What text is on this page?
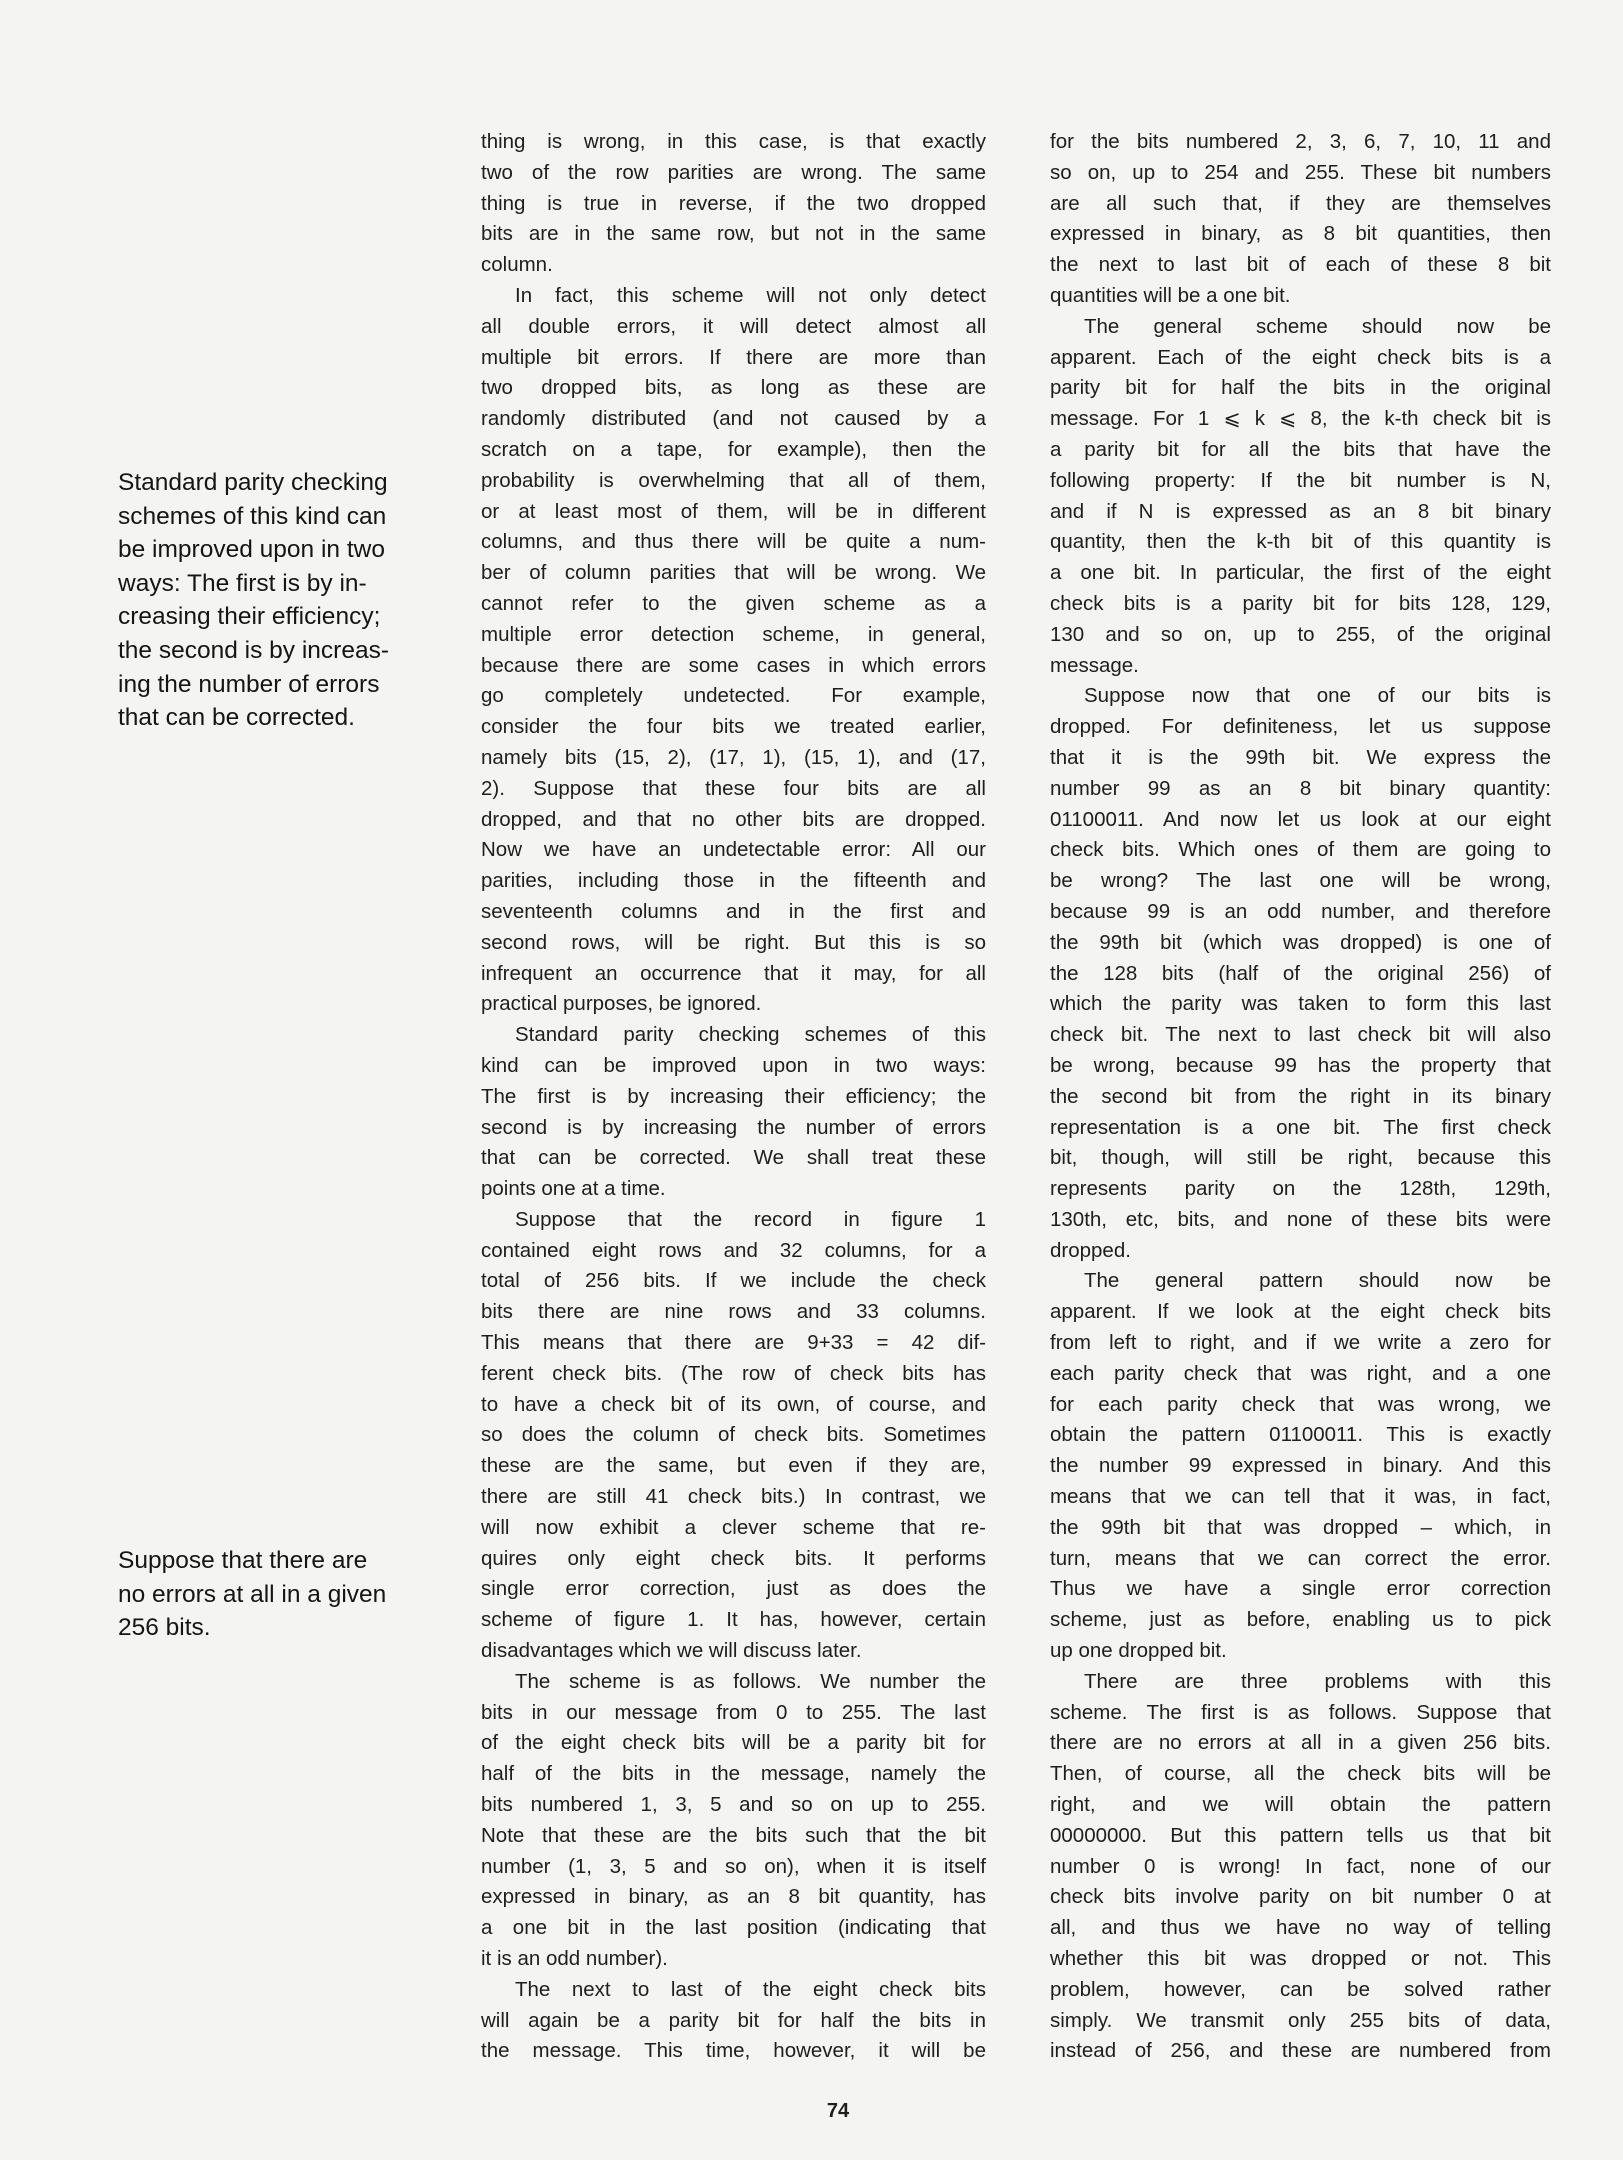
Standard parity checking
schemes of this kind can
be improved upon in two
ways: The first is by in-
creasing their efficiency;
the second is by increas-
ing the number of errors
that can be corrected.
Suppose that there are
no errors at all in a given
256 bits.
thing is wrong, in this case, is that exactly
two of the row parities are wrong. The same
thing is true in reverse, if the two dropped
bits are in the same row, but not in the same
column.
In fact, this scheme will not only detect
all double errors, it will detect almost all
multiple bit errors. If there are more than
two dropped bits, as long as these are
randomly distributed (and not caused by a
scratch on a tape, for example), then the
probability is overwhelming that all of them,
or at least most of them, will be in different
columns, and thus there will be quite a num-
ber of column parities that will be wrong. We
cannot refer to the given scheme as a
multiple error detection scheme, in general,
because there are some cases in which errors
go completely undetected. For example,
consider the four bits we treated earlier,
namely bits (15, 2), (17, 1), (15, 1), and (17,
2). Suppose that these four bits are all
dropped, and that no other bits are dropped.
Now we have an undetectable error: All our
parities, including those in the fifteenth and
seventeenth columns and in the first and
second rows, will be right. But this is so
infrequent an occurrence that it may, for all
practical purposes, be ignored.
Standard parity checking schemes of this
kind can be improved upon in two ways:
The first is by increasing their efficiency; the
second is by increasing the number of errors
that can be corrected. We shall treat these
points one at a time.
Suppose that the record in figure 1
contained eight rows and 32 columns, for a
total of 256 bits. If we include the check
bits there are nine rows and 33 columns.
This means that there are 9+33 = 42 dif-
ferent check bits. (The row of check bits has
to have a check bit of its own, of course, and
so does the column of check bits. Sometimes
these are the same, but even if they are,
there are still 41 check bits.) In contrast, we
will now exhibit a clever scheme that re-
quires only eight check bits. It performs
single error correction, just as does the
scheme of figure 1. It has, however, certain
disadvantages which we will discuss later.
The scheme is as follows. We number the
bits in our message from 0 to 255. The last
of the eight check bits will be a parity bit for
half of the bits in the message, namely the
bits numbered 1, 3, 5 and so on up to 255.
Note that these are the bits such that the bit
number (1, 3, 5 and so on), when it is itself
expressed in binary, as an 8 bit quantity, has
a one bit in the last position (indicating that
it is an odd number).
The next to last of the eight check bits
will again be a parity bit for half the bits in
the message. This time, however, it will be
for the bits numbered 2, 3, 6, 7, 10, 11 and
so on, up to 254 and 255. These bit numbers
are all such that, if they are themselves
expressed in binary, as 8 bit quantities, then
the next to last bit of each of these 8 bit
quantities will be a one bit.
The general scheme should now be
apparent. Each of the eight check bits is a
parity bit for half the bits in the original
message. For 1 ⩽ k ⩽ 8, the k-th check bit is
a parity bit for all the bits that have the
following property: If the bit number is N,
and if N is expressed as an 8 bit binary
quantity, then the k-th bit of this quantity is
a one bit. In particular, the first of the eight
check bits is a parity bit for bits 128, 129,
130 and so on, up to 255, of the original
message.
Suppose now that one of our bits is
dropped. For definiteness, let us suppose
that it is the 99th bit. We express the
number 99 as an 8 bit binary quantity:
01100011. And now let us look at our eight
check bits. Which ones of them are going to
be wrong? The last one will be wrong,
because 99 is an odd number, and therefore
the 99th bit (which was dropped) is one of
the 128 bits (half of the original 256) of
which the parity was taken to form this last
check bit. The next to last check bit will also
be wrong, because 99 has the property that
the second bit from the right in its binary
representation is a one bit. The first check
bit, though, will still be right, because this
represents parity on the 128th, 129th,
130th, etc, bits, and none of these bits were
dropped.
The general pattern should now be
apparent. If we look at the eight check bits
from left to right, and if we write a zero for
each parity check that was right, and a one
for each parity check that was wrong, we
obtain the pattern 01100011. This is exactly
the number 99 expressed in binary. And this
means that we can tell that it was, in fact,
the 99th bit that was dropped – which, in
turn, means that we can correct the error.
Thus we have a single error correction
scheme, just as before, enabling us to pick
up one dropped bit.
There are three problems with this
scheme. The first is as follows. Suppose that
there are no errors at all in a given 256 bits.
Then, of course, all the check bits will be
right, and we will obtain the pattern
00000000. But this pattern tells us that bit
number 0 is wrong! In fact, none of our
check bits involve parity on bit number 0 at
all, and thus we have no way of telling
whether this bit was dropped or not. This
problem, however, can be solved rather
simply. We transmit only 255 bits of data,
instead of 256, and these are numbered from
74
